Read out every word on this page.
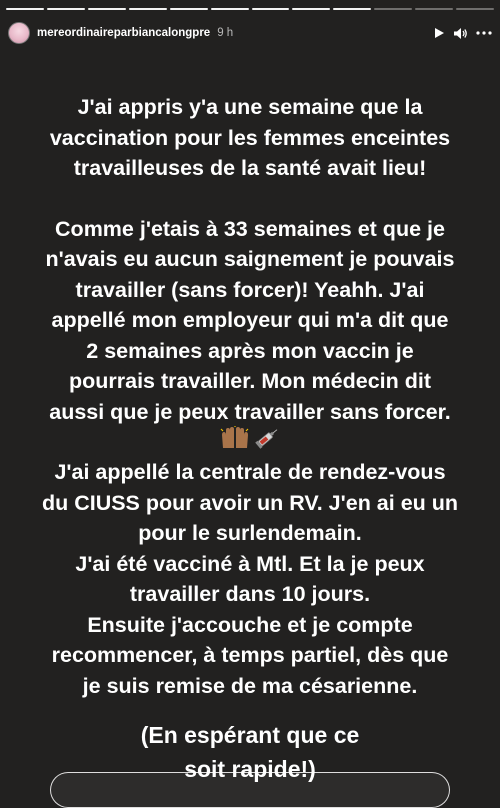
mereordinaireparbiancalongpre 9 h
J'ai appris y'a une semaine que la
vaccination pour les femmes enceintes
travailleuses de la santé avait lieu!
Comme j'etais à 33 semaines et que je
n'avais eu aucun saignement je pouvais
travailler (sans forcer)! Yeahh. J'ai
appellé mon employeur qui m'a dit que
2 semaines après mon vaccin je
pourrais travailler. Mon médecin dit
aussi que je peux travailler sans forcer.
J'ai appellé la centrale de rendez-vous
du CIUSS pour avoir un RV. J'en ai eu un
pour le surlendemain.
J'ai été vacciné à Mtl. Et la je peux
travailler dans 10 jours.
Ensuite j'accouche et je compte
recommencer, à temps partiel, dès que
je suis remise de ma césarienne.
(En espérant que ce
soit rapide!)
